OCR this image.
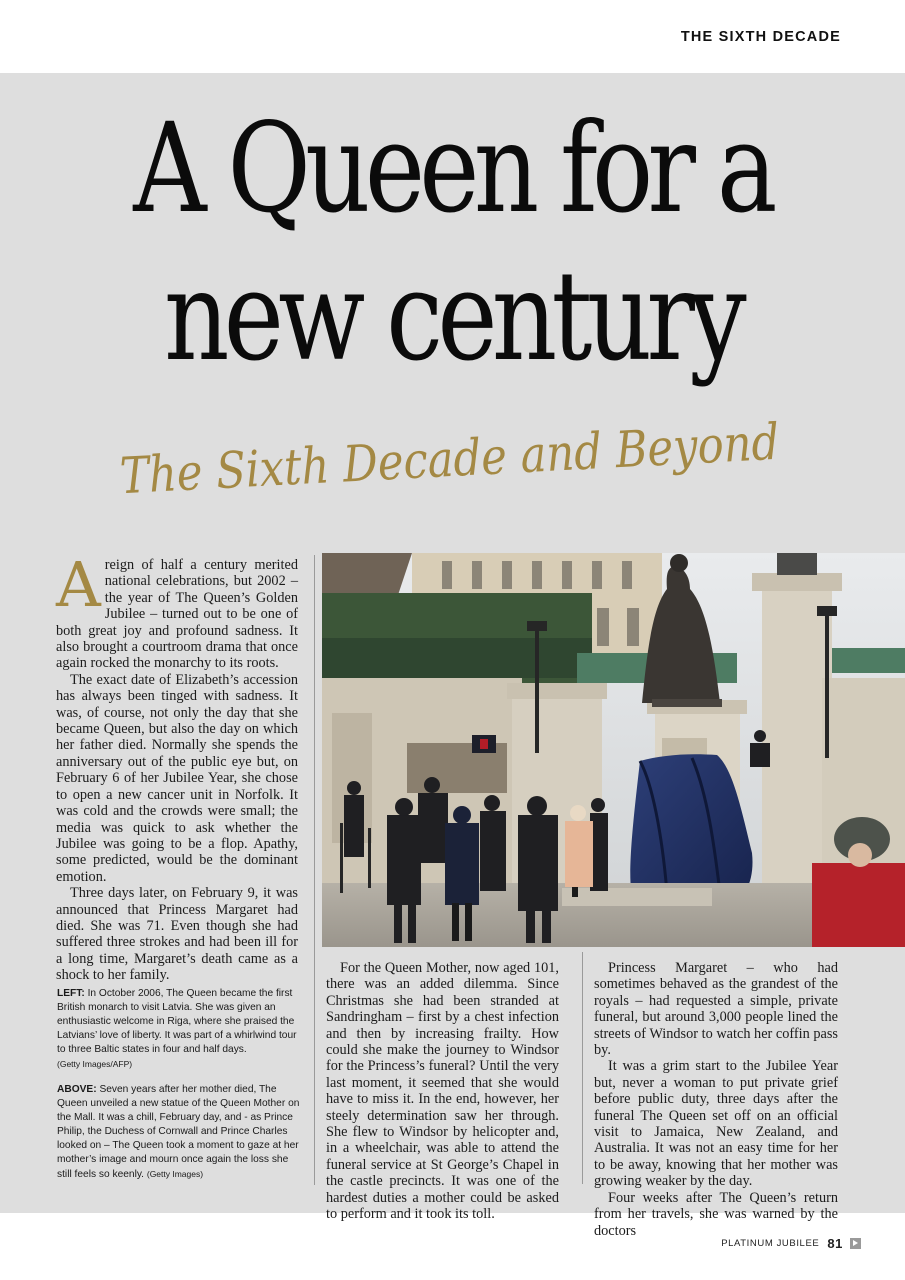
THE SIXTH DECADE
A Queen for a
new century
The Sixth Decade and Beyond

Areign of half a century merited national celebrations, but 2002 – the year of The Queen’s Golden Jubilee – turned out to be one of both great joy and profound sadness. It also brought a courtroom drama that once again rocked the monarchy to its roots.

The exact date of Elizabeth’s accession has always been tinged with sadness. It was, of course, not only the day that she became Queen, but also the day on which her father died. Normally she spends the anniversary out of the public eye but, on February 6 of her Jubilee Year, she chose to open a new cancer unit in Norfolk. It was cold and the crowds were small; the media was quick to ask whether the Jubilee was going to be a flop. Apathy, some predicted, would be the dominant emotion.

Three days later, on February 9, it was announced that Princess Margaret had died. She was 71. Even though she had suffered three strokes and had been ill for a long time, Margaret’s death came as a shock to her family.	For the Queen Mother, now aged 101, there was an added dilemma. Since Christmas she had been stranded at Sandringham – first by a chest infection and then by increasing frailty. How could she make the journey to Windsor for the Princess’s funeral? Until the very last moment, it seemed that she would have to miss it. In the end, however, her steely determination saw her through. She flew to Windsor by helicopter and, in a wheelchair, was able to attend the funeral service at St George’s Chapel in the castle precincts. It was one of the hardest duties a mother could be asked to perform and it took its toll.

Princess Margaret – who had sometimes behaved as the grandest of the royals – had requested a simple, private funeral, but around 3,000 people lined the streets of Windsor to watch her coffin pass by.

It was a grim start to the Jubilee Year but, never a woman to put private grief before public duty, three days after the funeral The Queen set off on an official visit to Jamaica, New Zealand, and Australia. It was not an easy time for her to be away, knowing that her mother was growing weaker by the day.

Four weeks after The Queen’s return from her travels, she was warned by the doctors

LEFT: In October 2006, The Queen became the first British monarch to visit Latvia. She was given an enthusiastic welcome in Riga, where she praised the Latvians’ love of liberty. It was part of a whirlwind tour to three Baltic states in four and half days.
(Getty Images/AFP)

ABOVE: Seven years after her mother died, The Queen unveiled a new statue of the Queen Mother on the Mall. It was a chill, February day, and - as Prince Philip, the Duchess of Cornwall and Prince Charles looked on – The Queen took a moment to gaze at her mother’s image and mourn once again the loss she still feels so keenly. (Getty Images)

PLATINUM JUBILEE 81
